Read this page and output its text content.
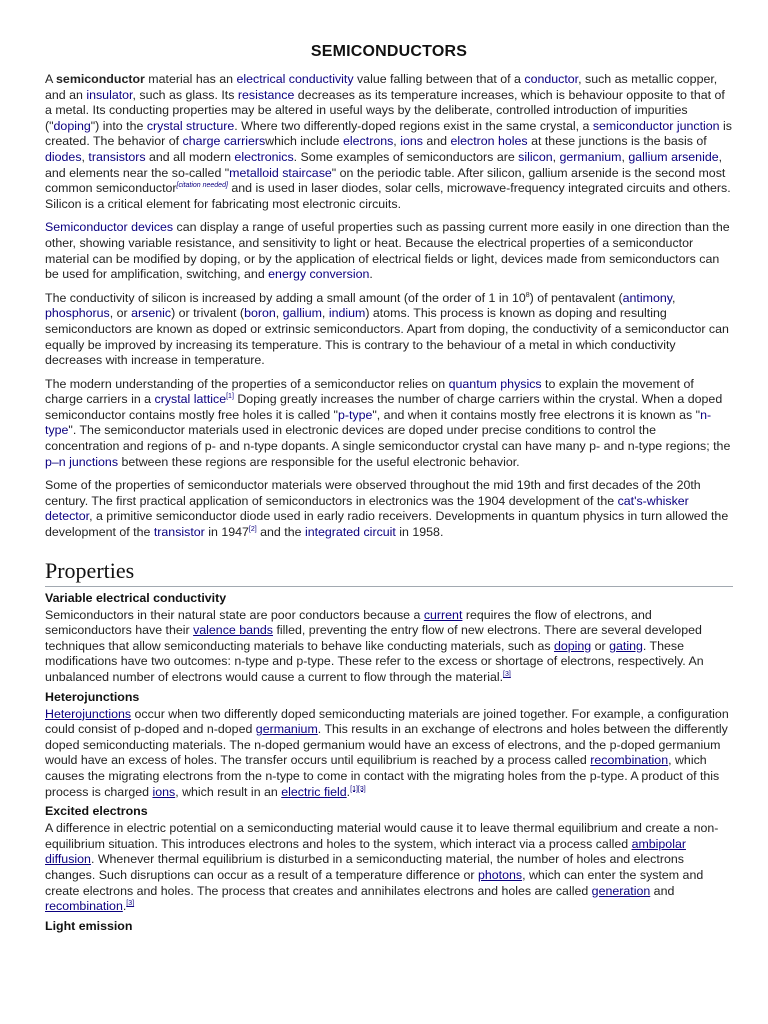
SEMICONDUCTORS

A semiconductor material has an electrical conductivity value falling between that of a conductor, such as metallic copper, and an insulator, such as glass. Its resistance decreases as its temperature increases, which is behaviour opposite to that of a metal. Its conducting properties may be altered in useful ways by the deliberate, controlled introduction of impurities ("doping") into the crystal structure. Where two differently-doped regions exist in the same crystal, a semiconductor junction is created. The behavior of charge carrierswhich include electrons, ions and electron holes at these junctions is the basis of diodes, transistors and all modern electronics. Some examples of semiconductors are silicon, germanium, gallium arsenide, and elements near the so-called "metalloid staircase" on the periodic table. After silicon, gallium arsenide is the second most common semiconductor[citation needed] and is used in laser diodes, solar cells, microwave-frequency integrated circuits and others. Silicon is a critical element for fabricating most electronic circuits.

Semiconductor devices can display a range of useful properties such as passing current more easily in one direction than the other, showing variable resistance, and sensitivity to light or heat. Because the electrical properties of a semiconductor material can be modified by doping, or by the application of electrical fields or light, devices made from semiconductors can be used for amplification, switching, and energy conversion.

The conductivity of silicon is increased by adding a small amount (of the order of 1 in $10^8$) of pentavalent (antimony, phosphorus, or arsenic) or trivalent (boron, gallium, indium) atoms. This process is known as doping and resulting semiconductors are known as doped or extrinsic semiconductors. Apart from doping, the conductivity of a semiconductor can equally be improved by increasing its temperature. This is contrary to the behaviour of a metal in which conductivity decreases with increase in temperature.

The modern understanding of the properties of a semiconductor relies on quantum physics to explain the movement of charge carriers in a crystal lattice[1] Doping greatly increases the number of charge carriers within the crystal. When a doped semiconductor contains mostly free holes it is called "p-type", and when it contains mostly free electrons it is known as "n-type". The semiconductor materials used in electronic devices are doped under precise conditions to control the concentration and regions of p- and n-type dopants. A single semiconductor crystal can have many p- and n-type regions; the p–n junctions between these regions are responsible for the useful electronic behavior.

Some of the properties of semiconductor materials were observed throughout the mid 19th and first decades of the 20th century. The first practical application of semiconductors in electronics was the 1904 development of the cat's-whisker detector, a primitive semiconductor diode used in early radio receivers. Developments in quantum physics in turn allowed the development of the transistor in 1947[2] and the integrated circuit in 1958.

Properties
Variable electrical conductivity

Semiconductors in their natural state are poor conductors because a current requires the flow of electrons, and semiconductors have their valence bands filled, preventing the entry flow of new electrons. There are several developed techniques that allow semiconducting materials to behave like conducting materials, such as doping or gating. These modifications have two outcomes: n-type and p-type. These refer to the excess or shortage of electrons, respectively. An unbalanced number of electrons would cause a current to flow through the material.[3]

Heterojunctions

Heterojunctions occur when two differently doped semiconducting materials are joined together. For example, a configuration could consist of p-doped and n-doped germanium. This results in an exchange of electrons and holes between the differently doped semiconducting materials. The n-doped germanium would have an excess of electrons, and the p-doped germanium would have an excess of holes. The transfer occurs until equilibrium is reached by a process called recombination, which causes the migrating electrons from the n-type to come in contact with the migrating holes from the p-type. A product of this process is charged ions, which result in an electric field.[1][3]

Excited electrons

A difference in electric potential on a semiconducting material would cause it to leave thermal equilibrium and create a non-equilibrium situation. This introduces electrons and holes to the system, which interact via a process called ambipolar diffusion. Whenever thermal equilibrium is disturbed in a semiconducting material, the number of holes and electrons changes. Such disruptions can occur as a result of a temperature difference or photons, which can enter the system and create electrons and holes. The process that creates and annihilates electrons and holes are called generation and recombination.[3]

Light emission
